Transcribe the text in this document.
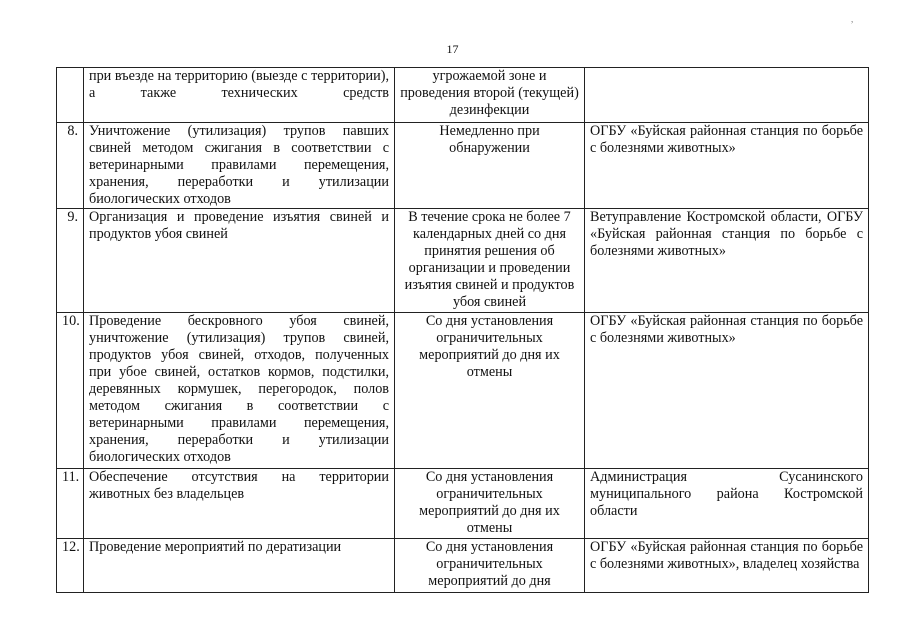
17
,
	при въезде на территорию (выезде с территории), а также технических средств	угрожаемой зоне и проведения второй (текущей) дезинфекции	
8.	Уничтожение (утилизация) трупов павших свиней методом сжигания в соответствии с ветеринарными правилами перемещения, хранения, переработки и утилизации биологических отходов	Немедленно при обнаружении	ОГБУ «Буйская районная станция по борьбе с болезнями животных»
9.	Организация и проведение изъятия свиней и продуктов убоя свиней	В течение срока не более 7 календарных дней со дня принятия решения об организации и проведении изъятия свиней и продуктов убоя свиней	Ветуправление Костромской области, ОГБУ «Буйская районная станция по борьбе с болезнями животных»
10.	Проведение бескровного убоя свиней, уничтожение (утилизация) трупов свиней, продуктов убоя свиней, отходов, полученных при убое свиней, остатков кормов, подстилки, деревянных кормушек, перегородок, полов методом сжигания в соответствии с ветеринарными правилами перемещения, хранения, переработки и утилизации биологических отходов	Со дня установления ограничительных мероприятий до дня их отмены	ОГБУ «Буйская районная станция по борьбе с болезнями животных»
11.	Обеспечение отсутствия на территории животных без владельцев	Со дня установления ограничительных мероприятий до дня их отмены	Администрация Сусанинского муниципального района Костромской области
12.	Проведение мероприятий по дератизации	Со дня установления ограничительных мероприятий до дня	ОГБУ «Буйская районная станция по борьбе с болезнями животных», владелец хозяйства
